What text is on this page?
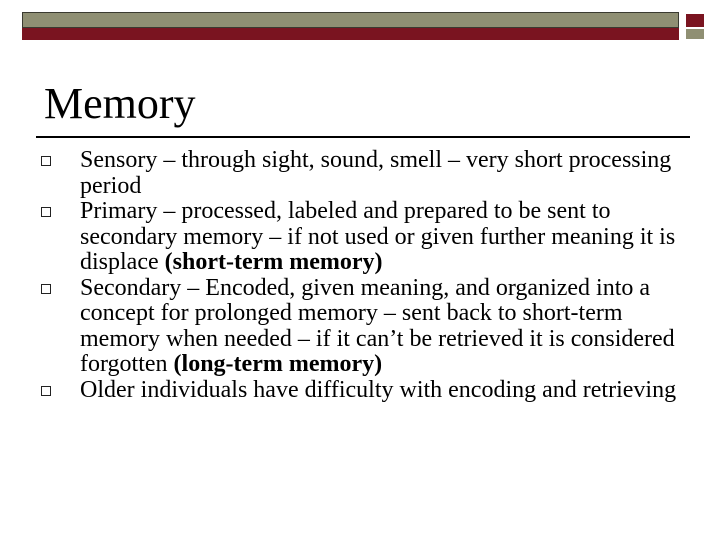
Memory
Sensory – through sight, sound, smell – very short processing period
Primary – processed, labeled and prepared to be sent to secondary memory – if not used or given further meaning it is displace (short-term memory)
Secondary – Encoded, given meaning, and organized into a concept for prolonged memory – sent back to short-term memory when needed – if it can’t be retrieved it is considered forgotten (long-term memory)
Older individuals have difficulty with encoding and retrieving
